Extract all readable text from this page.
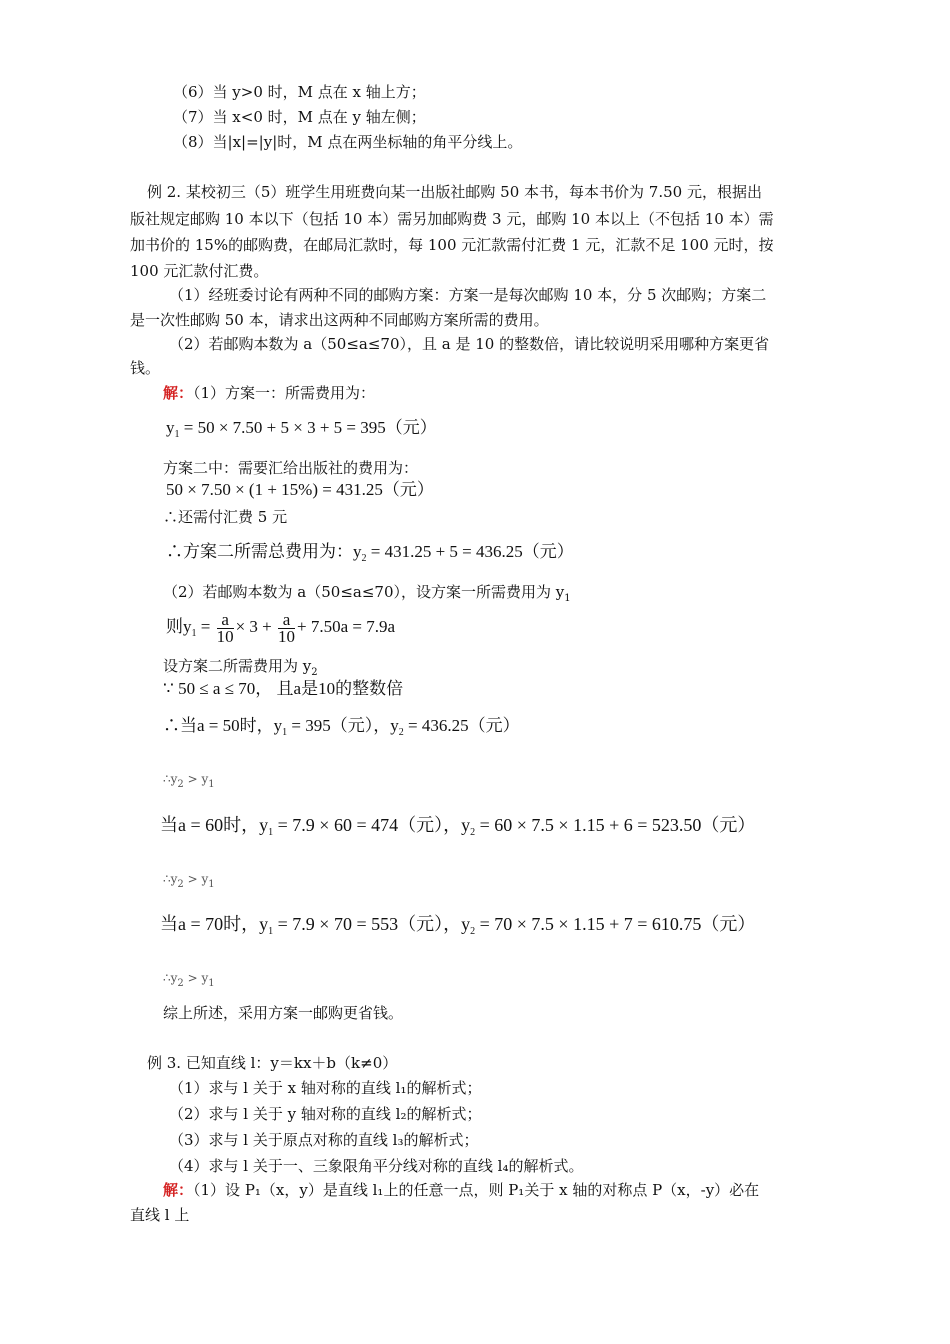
（6）当 y>0 时，M 点在 x 轴上方；
（7）当 x<0 时，M 点在 y 轴左侧；
（8）当|x|=|y|时，M 点在两坐标轴的角平分线上。
例 2. 某校初三（5）班学生用班费向某一出版社邮购 50 本书，每本书价为 7.50 元，根据出
版社规定邮购 10 本以下（包括 10 本）需另加邮购费 3 元，邮购 10 本以上（不包括 10 本）需
加书价的 15%的邮购费，在邮局汇款时，每 100 元汇款需付汇费 1 元，汇款不足 100 元时，按
100 元汇款付汇费。
（1）经班委讨论有两种不同的邮购方案：方案一是每次邮购 10 本，分 5 次邮购；方案二
是一次性邮购 50 本，请求出这两种不同邮购方案所需的费用。
（2）若邮购本数为 a（50≤a≤70），且 a 是 10 的整数倍，请比较说明采用哪种方案更省
钱。
解：（1）方案一：所需费用为：
$y_1 = 50 \times 7.50 + 5 \times 3 + 5 = 395$（元）
方案二中：需要汇给出版社的费用为：
50 × 7.50 × (1 + 15%) = 431.25（元）
∴还需付汇费 5 元
∴方案二所需总费用为：$y_2 = 431.25 + 5 = 436.25$（元）
（2）若邮购本数为 a（50≤a≤70），设方案一所需费用为 $y_1$
则$y_1 = \frac{a}{10} \times 3 + \frac{a}{10} + 7.50a = 7.9a$
设方案二所需费用为 $y_2$
∵ 50 ≤ a ≤ 70， 且a是10的整数倍
∴当a = 50时，$y_1 = 395$（元），$y_2 = 436.25$（元）
$\therefore y_2 > y_1$
当a = 60时，$y_1 = 7.9 \times 60 = 474$（元），$y_2 = 60 \times 7.5 \times 1.15 + 6 = 523.50$（元）
$\therefore y_2 > y_1$
当a = 70时，$y_1 = 7.9 \times 70 = 553$（元），$y_2 = 70 \times 7.5 \times 1.15 + 7 = 610.75$（元）
$\therefore y_2 > y_1$
综上所述，采用方案一邮购更省钱。
例 3. 已知直线 l：y＝kx＋b（k≠0）
（1）求与 l 关于 x 轴对称的直线 l₁的解析式；
（2）求与 l 关于 y 轴对称的直线 l₂的解析式；
（3）求与 l 关于原点对称的直线 l₃的解析式；
（4）求与 l 关于一、三象限角平分线对称的直线 l₄的解析式。
解：（1）设 P₁（x，y）是直线 l₁上的任意一点，则 P₁关于 x 轴的对称点 P（x，-y）必在
直线 l 上
